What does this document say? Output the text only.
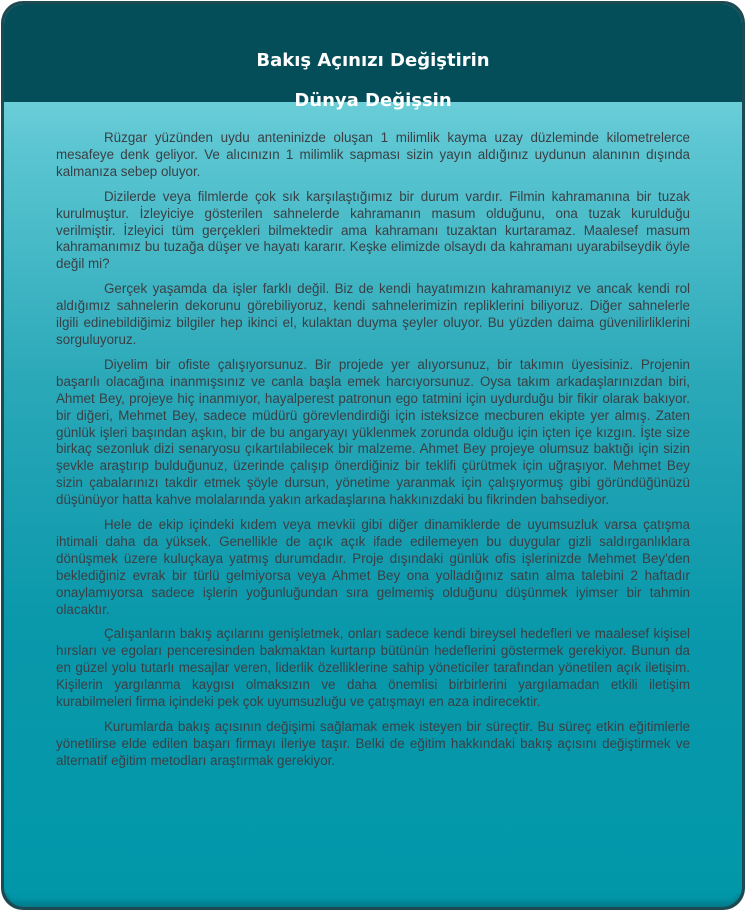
Bakış Açınızı Değiştirin
Dünya Değişsin

Rüzgar yüzünden uydu anteninizde oluşan 1 milimlik kayma uzay düzleminde kilometrelerce mesafeye denk geliyor. Ve alıcınızın 1 milimlik sapması sizin yayın aldığınız uydunun alanının dışında kalmanıza sebep oluyor.

Dizilerde veya filmlerde çok sık karşılaştığımız bir durum vardır. Filmin kahramanına bir tuzak kurulmuştur. İzleyiciye gösterilen sahnelerde kahramanın masum olduğunu, ona tuzak kurulduğu verilmiştir. İzleyici tüm gerçekleri bilmektedir ama kahramanı tuzaktan kurtaramaz. Maalesef masum kahramanımız bu tuzağa düşer ve hayatı kararır. Keşke elimizde olsaydı da kahramanı uyarabilseydik öyle değil mi?

Gerçek yaşamda da işler farklı değil. Biz de kendi hayatımızın kahramanıyız ve ancak kendi rol aldığımız sahnelerin dekorunu görebiliyoruz, kendi sahnelerimizin repliklerini biliyoruz. Diğer sahnelerle ilgili edinebildiğimiz bilgiler hep ikinci el, kulaktan duyma şeyler oluyor. Bu yüzden daima güvenilirliklerini sorguluyoruz.

Diyelim bir ofiste çalışıyorsunuz. Bir projede yer alıyorsunuz, bir takımın üyesisiniz. Projenin başarılı olacağına inanmışsınız ve canla başla emek harcıyorsunuz. Oysa takım arkadaşlarınızdan biri, Ahmet Bey, projeye hiç inanmıyor, hayalperest patronun ego tatmini için uydurduğu bir fikir olarak bakıyor. bir diğeri, Mehmet Bey, sadece müdürü görevlendirdiği için isteksizce mecburen ekipte yer almış. Zaten günlük işleri başından aşkın, bir de bu angaryayı yüklenmek zorunda olduğu için içten içe kızgın. İşte size birkaç sezonluk dizi senaryosu çıkartılabilecek bir malzeme. Ahmet Bey projeye olumsuz baktığı için sizin şevkle araştırıp bulduğunuz, üzerinde çalışıp önerdiğiniz bir teklifi çürütmek için uğraşıyor. Mehmet Bey sizin çabalarınızı takdir etmek şöyle dursun, yönetime yaranmak için çalışıyormuş gibi göründüğünüzü düşünüyor hatta kahve molalarında yakın arkadaşlarına hakkınızdaki bu fikrinden bahsediyor.

Hele de ekip içindeki kıdem veya mevkii gibi diğer dinamiklerde de uyumsuzluk varsa çatışma ihtimali daha da yüksek. Genellikle de açık açık ifade edilemeyen bu duygular gizli saldırganlıklara dönüşmek üzere kuluçkaya yatmış durumdadır. Proje dışındaki günlük ofis işlerinizde Mehmet Bey'den beklediğiniz evrak bir türlü gelmiyorsa veya Ahmet Bey ona yolladığınız satın alma talebini 2 haftadır onaylamıyorsa sadece işlerin yoğunluğundan sıra gelmemiş olduğunu düşünmek iyimser bir tahmin olacaktır.

Çalışanların bakış açılarını genişletmek, onları sadece kendi bireysel hedefleri ve maalesef kişisel hırsları ve egoları penceresinden bakmaktan kurtarıp bütünün hedeflerini göstermek gerekiyor. Bunun da en güzel yolu tutarlı mesajlar veren, liderlik özelliklerine sahip yöneticiler tarafından yönetilen açık iletişim. Kişilerin yargılanma kaygısı olmaksızın ve daha önemlisi birbirlerini yargılamadan etkili iletişim kurabilmeleri firma içindeki pek çok uyumsuzluğu ve çatışmayı en aza indirecektir.

Kurumlarda bakış açısının değişimi sağlamak emek isteyen bir süreçtir. Bu süreç etkin eğitimlerle yönetilirse elde edilen başarı firmayı ileriye taşır. Belki de eğitim hakkındaki bakış açısını değiştirmek ve alternatif eğitim metodları araştırmak gerekiyor.
